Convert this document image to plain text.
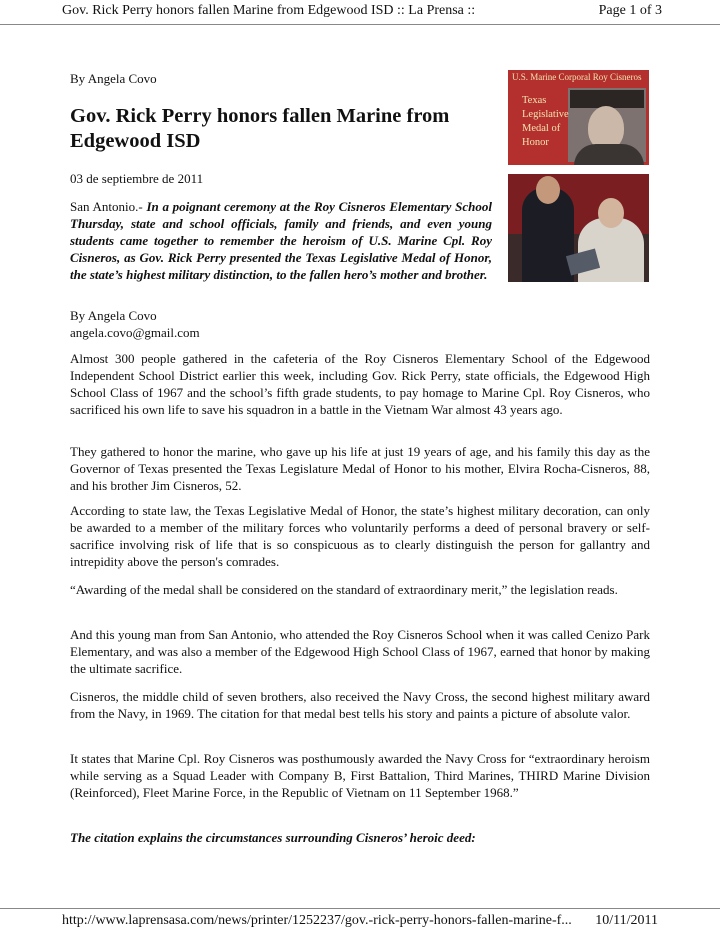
Gov. Rick Perry honors fallen Marine from Edgewood ISD :: La Prensa ::	Page 1 of 3
By Angela Covo
Gov. Rick Perry honors fallen Marine from Edgewood ISD
03 de septiembre de 2011
San Antonio.- In a poignant ceremony at the Roy Cisneros Elementary School Thursday, state and school officials, family and friends, and even young students came together to remember the heroism of U.S. Marine Cpl. Roy Cisneros, as Gov. Rick Perry presented the Texas Legislative Medal of Honor, the state’s highest military distinction, to the fallen hero’s mother and brother.
By Angela Covo
angela.covo@gmail.com

Almost 300 people gathered in the cafeteria of the Roy Cisneros Elementary School of the Edgewood Independent School District earlier this week, including Gov. Rick Perry, state officials, the Edgewood High School Class of 1967 and the school’s fifth grade students, to pay homage to Marine Cpl. Roy Cisneros, who sacrificed his own life to save his squadron in a battle in the Vietnam War almost 43 years ago.

They gathered to honor the marine, who gave up his life at just 19 years of age, and his family this day as the Governor of Texas presented the Texas Legislature Medal of Honor to his mother, Elvira Rocha-Cisneros, 88, and his brother Jim Cisneros, 52.

According to state law, the Texas Legislative Medal of Honor, the state’s highest military decoration, can only be awarded to a member of the military forces who voluntarily performs a deed of personal bravery or self-sacrifice involving risk of life that is so conspicuous as to clearly distinguish the person for gallantry and intrepidity above the person's comrades.

“Awarding of the medal shall be considered on the standard of extraordinary merit,” the legislation reads.

And this young man from San Antonio, who attended the Roy Cisneros School when it was called Cenizo Park Elementary, and was also a member of the Edgewood High School Class of 1967, earned that honor by making the ultimate sacrifice.

Cisneros, the middle child of seven brothers, also received the Navy Cross, the second highest military award from the Navy, in 1969. The citation for that medal best tells his story and paints a picture of absolute valor.

It states that Marine Cpl. Roy Cisneros was posthumously awarded the Navy Cross for “extraordinary heroism while serving as a Squad Leader with Company B, First Battalion, Third Marines, THIRD Marine Division (Reinforced), Fleet Marine Force, in the Republic of Vietnam on 11 September 1968.”

The citation explains the circumstances surrounding Cisneros’ heroic deed:

U.S. Marine Corporal Roy Cisneros
Texas
Legislative
Medal of
Honor
http://www.laprensasa.com/news/printer/1252237/gov.-rick-perry-honors-fallen-marine-f... 10/11/2011
